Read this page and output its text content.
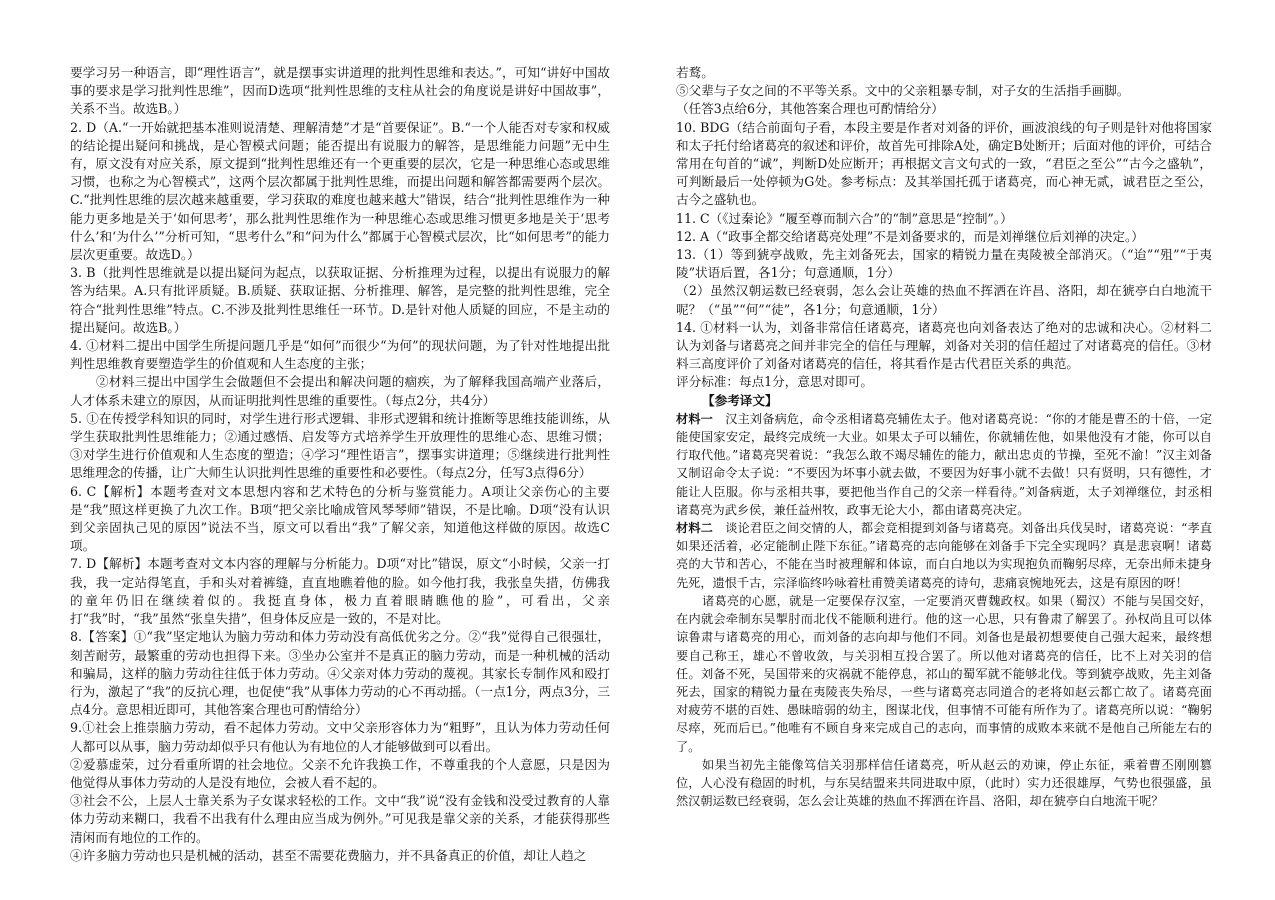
要学习另一种语言，即“理性语言”，就是摆事实讲道理的批判性思维和表达。”，可知“讲好中国故事的要求是学习批判性思维”，因而D选项“批判性思维的支柱从社会的角度说是讲好中国故事”，关系不当。故选B。）

2. D（A.“一开始就把基本准则说清楚、理解清楚”才是“首要保证”。B.“一个人能否对专家和权威的结论提出疑问和挑战，是心智模式问题；能否提出有说服力的解答，是思维能力问题”无中生有，原文没有对应关系，原文提到“批判性思维还有一个更重要的层次，它是一种思维心态或思维习惯，也称之为心智模式”，这两个层次都属于批判性思维，而提出问题和解答都需要两个层次。C.“批判性思维的层次越来越重要，学习获取的难度也越来越大”错误，结合“批判性思维作为一种能力更多地是关于‘如何思考’，那么批判性思维作为一种思维心态或思维习惯更多地是关于‘思考什么’和‘为什么’”分析可知，“思考什么”和“问为什么”都属于心智模式层次，比“如何思考”的能力层次更重要。故选D。）

3. B（批判性思维就是以提出疑问为起点，以获取证据、分析推理为过程，以提出有说服力的解答为结果。A.只有批评质疑。B.质疑、获取证据、分析推理、解答，是完整的批判性思维，完全符合“批判性思维”特点。C.不涉及批判性思维任一环节。D.是针对他人质疑的回应，不是主动的提出疑问。故选B。）

4. ①材料二提出中国学生所提问题几乎是“如何”而很少“为何”的现状问题，为了针对性地提出批判性思维教育要塑造学生的价值观和人生态度的主张；

②材料三提出中国学生会做题但不会提出和解决问题的痼疾，为了解释我国高端产业落后，人才体系未建立的原因，从而证明批判性思维的重要性。（每点2分，共4分）

5. ①在传授学科知识的同时，对学生进行形式逻辑、非形式逻辑和统计推断等思维技能训练，从学生获取批判性思维能力；②通过感悟、启发等方式培养学生开放理性的思维心态、思维习惯；③对学生进行价值观和人生态度的塑造；④学习“理性语言”，摆事实讲道理；⑤继续进行批判性思维理念的传播，让广大师生认识批判性思维的重要性和必要性。（每点2分，任写3点得6分）

6. C【解析】本题考查对文本思想内容和艺术特色的分析与鉴赏能力。A项让父亲伤心的主要是“我”照这样更换了九次工作。B项“把父亲比喻成管风琴琴师”错误，不是比喻。D项“没有认识到父亲固执己见的原因”说法不当，原文可以看出“我”了解父亲，知道他这样做的原因。故选C项。

7. D【解析】本题考查对文本内容的理解与分析能力。D项“对比”错误，原文“小时候，父亲一打我，我一定站得笔直，手和头对着裤缝，直直地瞧着他的脸。如今他打我，我张皇失措，仿佛我的童年仍旧在继续着似的。我挺直身体，极力直着眼睛瞧他的脸”，可看出，父亲打“我”时，“我”虽然“张皇失措”，但身体反应是一致的，不是对比。

8.【答案】①“我”坚定地认为脑力劳动和体力劳动没有高低优劣之分。②“我”觉得自己很强壮，刻苦耐劳，最繁重的劳动也担得下来。③坐办公室并不是真正的脑力劳动，而是一种机械的活动和骗局，这样的脑力劳动往往低于体力劳动。④父亲对体力劳动的蔑视。其家长专制作风和殴打行为，激起了“我”的反抗心理，也促使“我”从事体力劳动的心不再动摇。（一点1分，两点3分，三点4分。意思相近即可，其他答案合理也可酌情给分）

9.①社会上推崇脑力劳动，看不起体力劳动。文中父亲形容体力为“粗野”，且认为体力劳动任何人都可以从事，脑力劳动却似乎只有他认为有地位的人才能够做到可以看出。

②爱慕虚荣，过分看重所谓的社会地位。父亲不允许我换工作，不尊重我的个人意愿，只是因为他觉得从事体力劳动的人是没有地位，会被人看不起的。

③社会不公，上层人士靠关系为子女谋求轻松的工作。文中“我”说“没有金钱和没受过教育的人靠体力劳动来糊口，我看不出我有什么理由应当成为例外。”可见我是靠父亲的关系，才能获得那些清闲而有地位的工作的。

④许多脑力劳动也只是机械的活动，甚至不需要花费脑力，并不具备真正的价值，却让人趋之

若鹜。

⑤父辈与子女之间的不平等关系。文中的父亲粗暴专制，对子女的生活指手画脚。

（任答3点给6分，其他答案合理也可酌情给分）

10. BDG（结合前面句子看，本段主要是作者对刘备的评价，画波浪线的句子则是针对他将国家和太子托付给诸葛亮的叙述和评价，故首先可排除A处，确定B处断开；后面对他的评价，可结合常用在句首的“诚”，判断D处应断开；再根据文言文句式的一致，“君臣之至公”“古今之盛轨”，可判断最后一处停顿为G处。参考标点：及其举国托孤于诸葛亮，而心神无贰，诚君臣之至公，古今之盛轨也。

11. C（《过秦论》“履至尊而制六合”的“制”意思是“控制”。）

12. A（“政事全都交给诸葛亮处理”不是刘备要求的，而是刘禅继位后刘禅的决定。）

13.（1）等到猇亭战败，先主刘备死去，国家的精锐力量在夷陵被全部消灭。（“迨”“殂”“于夷陵”状语后置，各1分；句意通顺，1分）

（2）虽然汉朝运数已经衰弱，怎么会让英雄的热血不挥洒在许昌、洛阳，却在猇亭白白地流干呢？（“虽”“何”“徒”，各1分；句意通顺，1分）

14. ①材料一认为，刘备非常信任诸葛亮，诸葛亮也向刘备表达了绝对的忠诚和决心。②材料二认为刘备与诸葛亮之间并非完全的信任与理解，刘备对关羽的信任超过了对诸葛亮的信任。③材料三高度评价了刘备对诸葛亮的信任，将其看作是古代君臣关系的典范。

评分标准：每点1分，意思对即可。

【参考译文】

材料一　 汉主刘备病危，命令丞相诸葛亮辅佐太子。他对诸葛亮说：“你的才能是曹丕的十倍，一定能使国家安定，最终完成统一大业。如果太子可以辅佐，你就辅佐他，如果他没有才能，你可以自行取代他。”诸葛亮哭着说：“我怎么敢不竭尽辅佐的能力，献出忠贞的节操，至死不渝！”汉主刘备又制诏命令太子说：“不要因为坏事小就去做，不要因为好事小就不去做！只有贤明，只有德性，才能让人臣服。你与丞相共事，要把他当作自己的父亲一样看待。”刘备病逝，太子刘禅继位，封丞相诸葛亮为武乡侯，兼任益州牧，政事无论大小，都由诸葛亮决定。

材料二　 谈论君臣之间交情的人，都会竞相提到刘备与诸葛亮。刘备出兵伐吴时，诸葛亮说：“孝直如果还活着，必定能制止陛下东征。”诸葛亮的志向能够在刘备手下完全实现吗？真是悲哀啊！诸葛亮的大节和苦心，不能在当时被理解和体谅，而白白地以为实现抱负而鞠躬尽瘁，无奈出师未捷身先死，遗恨千古，宗泽临终吟咏着杜甫赞美诸葛亮的诗句，悲痛哀惋地死去，这是有原因的呀！

诸葛亮的心愿，就是一定要保存汉室，一定要消灭曹魏政权。如果（蜀汉）不能与吴国交好，在内就会牵制东吴掣肘而北伐不能顺利进行。他的这一心思，只有鲁肃了解罢了。孙权尚且可以体谅鲁肃与诸葛亮的用心，而刘备的志向却与他们不同。刘备也是最初想要使自己强大起来，最终想要自己称王，雄心不曾收敛，与关羽相互投合罢了。所以他对诸葛亮的信任，比不上对关羽的信任。刘备不死，吴国带来的灾祸就不能停息，祁山的蜀军就不能够北伐。等到猇亭战败，先主刘备死去，国家的精锐力量在夷陵丧失殆尽，一些与诸葛亮志同道合的老将如赵云都亡故了。诸葛亮面对疲劳不堪的百姓、愚昧暗弱的幼主，图谋北伐，但事情不可能有所作为了。诸葛亮所以说：“鞠躬尽瘁，死而后已。”他唯有不顾自身来完成自己的志向，而事情的成败本来就不是他自己所能左右的了。

如果当初先主能像笃信关羽那样信任诸葛亮，听从赵云的劝谏，停止东征，乘着曹丕刚刚篡位，人心没有稳固的时机，与东吴结盟来共同进取中原，（此时）实力还很雄厚，气势也很强盛，虽然汉朝运数已经衰弱，怎么会让英雄的热血不挥洒在许昌、洛阳，却在猇亭白白地流干呢？
